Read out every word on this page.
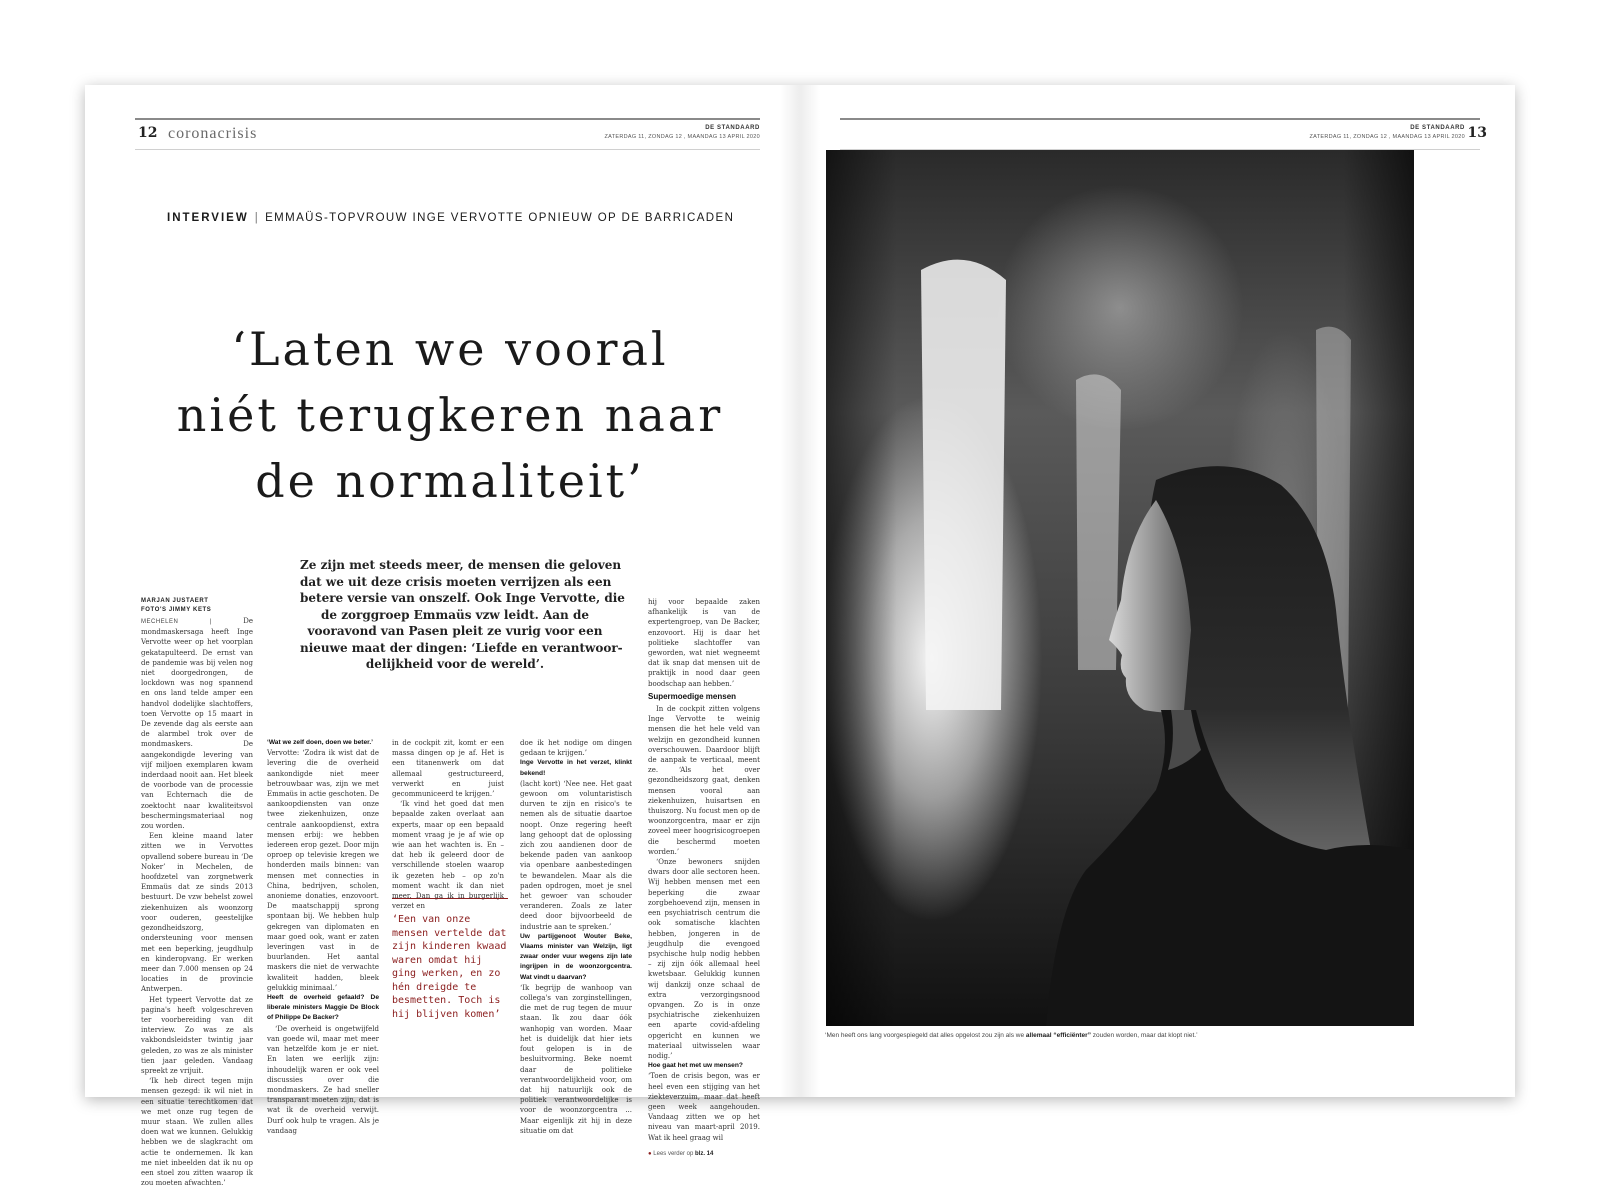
12 coronacrisis	DE STANDAARD
ZATERDAG 11, ZONDAG 12 , MAANDAG 13 APRIL 2020
DE STANDAARD
ZATERDAG 11, ZONDAG 12 , MAANDAG 13 APRIL 2020 13
INTERVIEW | EMMAÜS-TOPVROUW INGE VERVOTTE OPNIEUW OP DE BARRICADEN
‘Laten we vooral
niét terugkeren naar
de normaliteit’
Ze zijn met steeds meer, de mensen die geloven
dat we uit deze crisis moeten verrijzen als een
betere versie van onszelf. Ook Inge Vervotte, die
de zorggroep Emmaüs vzw leidt. Aan de
vooravond van Pasen pleit ze vurig voor een
nieuwe maat der dingen: ‘Liefde en verantwoor-
delijkheid voor de wereld’.
MARJAN JUSTAERT
FOTO'S JIMMY KETS

MECHELEN |	De mondmaskersaga heeft Inge Vervotte weer op het voorplan gekatapulteerd. De ernst van de pandemie was bij velen nog niet doorgedrongen, de lockdown was nog spannend en ons land telde amper een handvol dodelijke slachtoffers, toen Vervotte op 15 maart in De zevende dag als eerste aan de alarmbel trok over de mondmaskers. De aangekondigde levering van vijf miljoen exemplaren kwam inderdaad nooit aan. Het bleek de voorbode van de processie van Echternach die de zoektocht naar kwaliteitsvol beschermingsmateriaal nog zou worden.

Een kleine maand later zitten we in Vervottes opvallend sobere bureau in ‘De Noker’ in Mechelen, de hoofdzetel van zorgnetwerk Emmaüs dat ze sinds 2013 bestuurt. De vzw behelst zowel ziekenhuizen als woonzorg voor ouderen, geestelijke gezondheidszorg, ondersteuning voor mensen met een beperking, jeugdhulp en kinderopvang. Er werken meer dan 7.000 mensen op 24 locaties in de provincie Antwerpen.

Het typeert Vervotte dat ze pagina's heeft volgeschreven ter voorbereiding van dit interview. Zo was ze als vakbondsleidster twintig jaar geleden, zo was ze als minister tien jaar geleden. Vandaag spreekt ze vrijuit.

‘Ik heb direct tegen mijn mensen gezegd: ik wil niet in een situatie terechtkomen dat we met onze rug tegen de muur staan. We zullen alles doen wat we kunnen. Gelukkig hebben we de slagkracht om actie te ondernemen. Ik kan me niet inbeelden dat ik nu op een stoel zou zitten waarop ik zou moeten afwachten.’

‘Wat we zelf doen, doen we beter.’

Vervotte: ‘Zodra ik wist dat de levering die de overheid aankondigde niet meer betrouwbaar was, zijn we met Emmaüs in actie geschoten. De aankoopdiensten van onze twee ziekenhuizen, onze centrale aankoopdienst, extra mensen erbij: we hebben iedereen erop gezet. Door mijn oproep op televisie kregen we honderden mails binnen: van mensen met connecties in China, bedrijven, scholen, anonieme donaties, enzovoort. De maatschappij sprong spontaan bij. We hebben hulp gekregen van diplomaten en maar goed ook, want er zaten leveringen vast in de buurlanden. Het aantal maskers die niet de verwachte kwaliteit hadden, bleek gelukkig minimaal.’

Heeft de overheid gefaald? De liberale ministers Maggie De Block of Philippe De Backer?

‘De overheid is ongetwijfeld van goede wil, maar met meer van hetzelfde kom je er niet. En laten we eerlijk zijn: inhoudelijk waren er ook veel discussies over die mondmaskers. Ze had sneller transparant moeten zijn, dat is wat ik de overheid verwijt. Durf ook hulp te vragen. Als je vandaag

in de cockpit zit, komt er een massa dingen op je af. Het is een titanenwerk om dat allemaal gestructureerd, verwerkt en juist gecommuniceerd te krijgen.’

‘Ik vind het goed dat men bepaalde zaken overlaat aan experts, maar op een bepaald moment vraag je je af wie op wie aan het wachten is. En – dat heb ik geleerd door de verschillende stoelen waarop ik gezeten heb – op zo'n moment wacht ik dan niet meer. Dan ga ik in burgerlijk verzet en

‘Een van onze
mensen vertelde dat
zijn kinderen kwaad
waren omdat hij
ging werken, en zo
hén dreigde te
besmetten. Toch is
hij blijven komen’

doe ik het nodige om dingen gedaan te krijgen.’

Inge Vervotte in het verzet, klinkt bekend!

(lacht kort) ‘Nee nee. Het gaat gewoon om voluntaristisch durven te zijn en risico's te nemen als de situatie daartoe noopt. Onze regering heeft lang gehoopt dat de oplossing zich zou aandienen door de bekende paden van aankoop via openbare aanbestedingen te bewandelen. Maar als die paden opdrogen, moet je snel het gewoer van schouder veranderen. Zoals ze later deed door bijvoorbeeld de industrie aan te spreken.’

Uw partijgenoot Wouter Beke, Vlaams minister van Welzijn, ligt zwaar onder vuur wegens zijn late ingrijpen in de woonzorgcentra. Wat vindt u daarvan?

‘Ik begrijp de wanhoop van collega's van zorginstellingen, die met de rug tegen de muur staan. Ik zou daar óók wanhopig van worden. Maar het is duidelijk dat hier iets fout gelopen is in de besluitvorming. Beke noemt daar de politieke verantwoordelijkheid voor, om dat hij natuurlijk ook de politiek verantwoordelijke is voor de woonzorgcentra ... Maar eigenlijk zit hij in deze situatie om dat

hij voor bepaalde zaken afhankelijk is van de expertengroep, van De Backer, enzovoort. Hij is daar het politieke slachtoffer van geworden, wat niet wegneemt dat ik snap dat mensen uit de praktijk in nood daar geen boodschap aan hebben.’

Supermoedige mensen

In de cockpit zitten volgens Inge Vervotte te weinig mensen die het hele veld van welzijn en gezondheid kunnen overschouwen. Daardoor blijft de aanpak te verticaal, meent ze. ‘Als het over gezondheidszorg gaat, denken mensen vooral aan ziekenhuizen, huisartsen en thuiszorg. Nu focust men op de woonzorgcentra, maar er zijn zoveel meer hoogrisicogroepen die beschermd moeten worden.’

‘Onze bewoners snijden dwars door alle sectoren heen. Wij hebben mensen met een beperking die zwaar zorgbehoevend zijn, mensen in een psychiatrisch centrum die ook somatische klachten hebben, jongeren in de jeugdhulp die evengoed psychische hulp nodig hebben – zij zijn óók allemaal heel kwetsbaar. Gelukkig kunnen wij dankzij onze schaal de extra verzorgingsnood opvangen. Zo is in onze psychiatrische ziekenhuizen een aparte covid-afdeling opgericht en kunnen we materiaal uitwisselen waar nodig.’

Hoe gaat het met uw mensen?

‘Toen de crisis begon, was er heel even een stijging van het ziekteverzuim, maar dat heeft geen week aangehouden. Vandaag zitten we op het niveau van maart-april 2019. Wat ik heel graag wil

● Lees verder op blz. 14
‘Men heeft ons lang voorgespiegeld dat alles opgelost zou zijn als we allemaal “efficiënter” zouden worden, maar dat klopt niet.’
